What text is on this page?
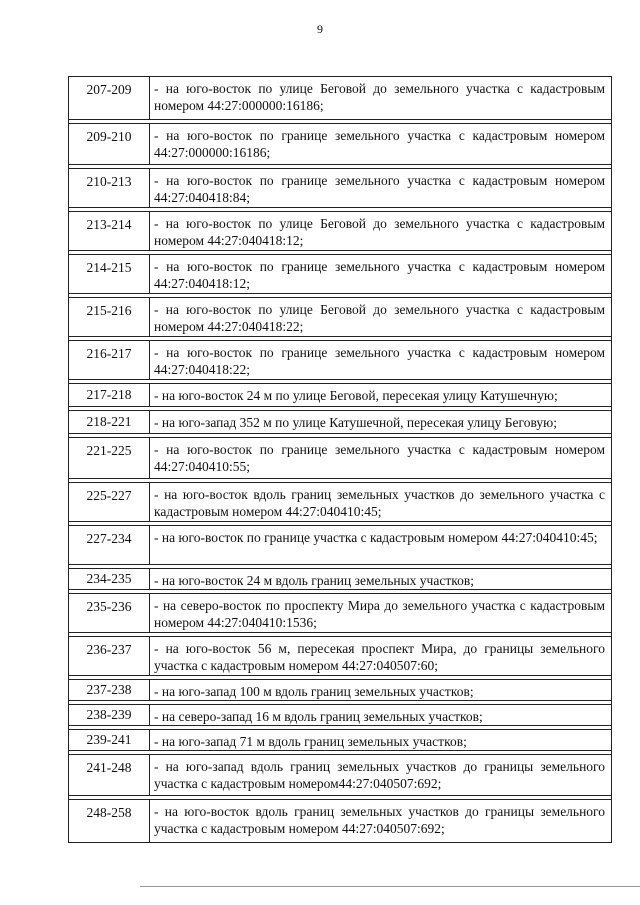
9
207-209	- на юго-восток по улице Беговой до земельного участка с кадастровым номером 44:27:000000:16186;
209-210	- на юго-восток по границе земельного участка с кадастровым номером 44:27:000000:16186;
210-213	- на юго-восток по границе земельного участка с кадастровым номером 44:27:040418:84;
213-214	- на юго-восток по улице Беговой до земельного участка с кадастровым номером 44:27:040418:12;
214-215	- на юго-восток по границе земельного участка с кадастровым номером 44:27:040418:12;
215-216	- на юго-восток по улице Беговой до земельного участка с кадастровым номером 44:27:040418:22;
216-217	- на юго-восток по границе земельного участка с кадастровым номером 44:27:040418:22;
217-218	- на юго-восток 24 м по улице Беговой, пересекая улицу Катушечную;
218-221	- на юго-запад 352 м по улице Катушечной, пересекая улицу Беговую;
221-225	- на юго-восток по границе земельного участка с кадастровым номером 44:27:040410:55;
225-227	- на юго-восток вдоль границ земельных участков до земельного участка с кадастровым номером 44:27:040410:45;
227-234	- на юго-восток по границе участка с кадастровым номером 44:27:040410:45;
234-235	- на юго-восток 24 м вдоль границ земельных участков;
235-236	- на северо-восток по проспекту Мира до земельного участка с кадастровым номером 44:27:040410:1536;
236-237	- на юго-восток 56 м, пересекая проспект Мира, до границы земельного участка с кадастровым номером 44:27:040507:60;
237-238	- на юго-запад 100 м вдоль границ земельных участков;
238-239	- на северо-запад 16 м вдоль границ земельных участков;
239-241	- на юго-запад 71 м вдоль границ земельных участков;
241-248	- на юго-запад вдоль границ земельных участков до границы земельного участка с кадастровым номером44:27:040507:692;
248-258	- на юго-восток вдоль границ земельных участков до границы земельного участка с кадастровым номером 44:27:040507:692;
